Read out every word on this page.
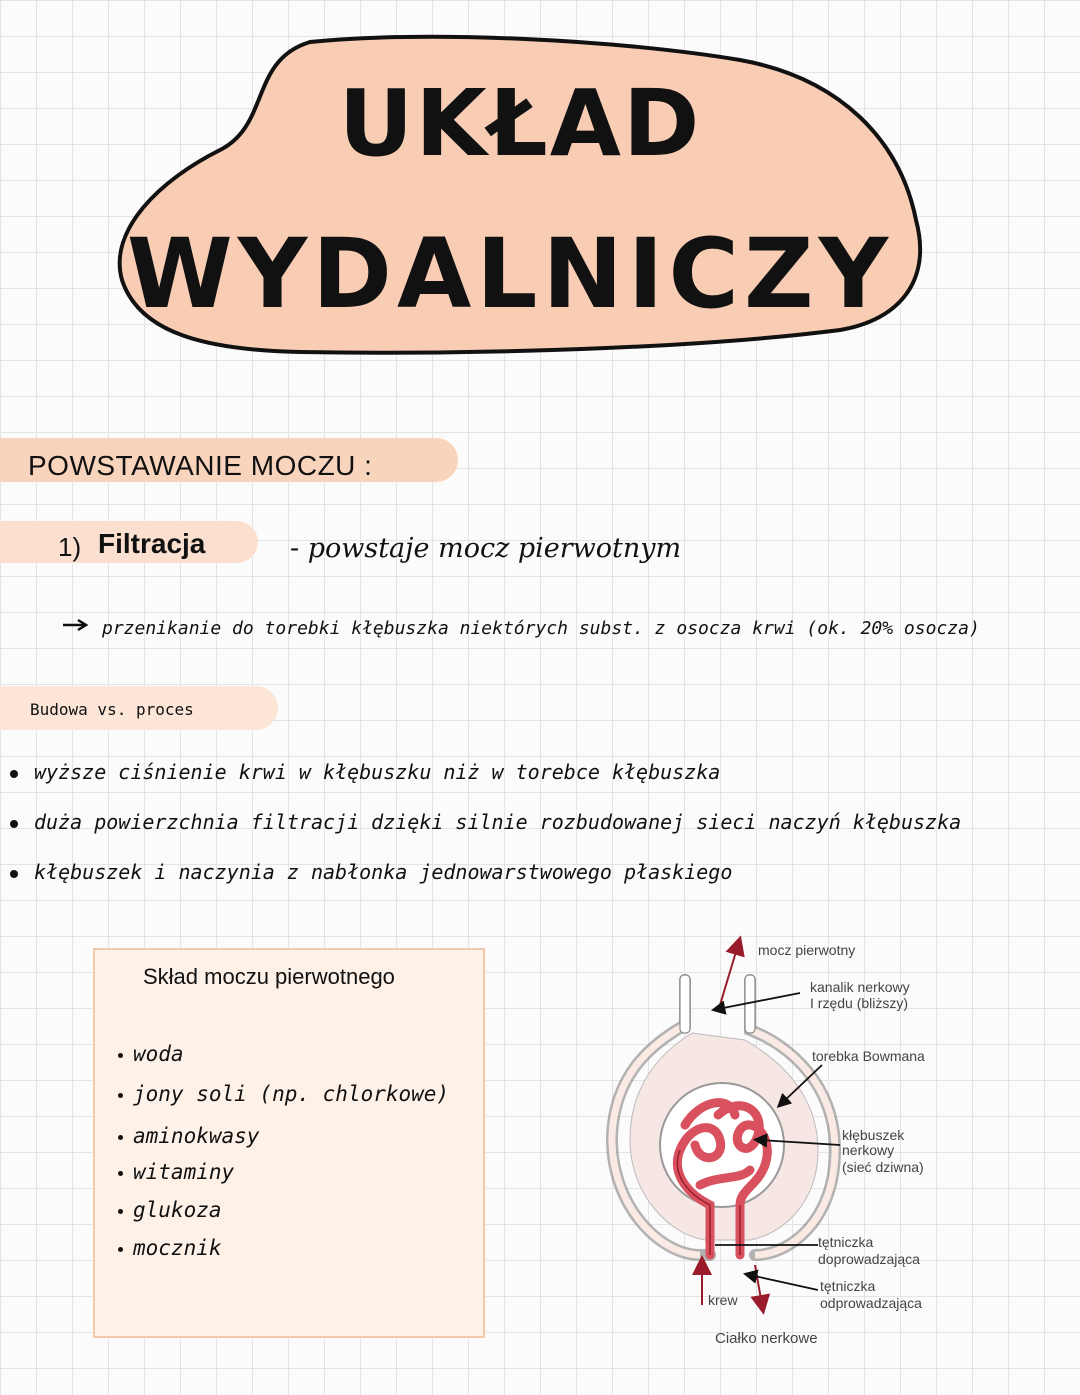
UKŁAD
WYDALNICZY
POWSTAWANIE MOCZU :
1) Filtracja	- powstaje mocz pierwotnym
przenikanie do torebki kłębuszka niektórych subst. z osocza krwi (ok. 20% osocza)
Budowa vs. proces
wyższe ciśnienie krwi w kłębuszku niż w torebce kłębuszka
duża powierzchnia filtracji dzięki silnie rozbudowanej sieci naczyń kłębuszka
kłębuszek i naczynia z nabłonka jednowarstwowego płaskiego
Skład moczu pierwotnego
woda
jony soli (np. chlorkowe)
aminokwasy
witaminy
glukoza
mocznik
mocz pierwotny
kanalik nerkowy
I rzędu (bliższy)
torebka Bowmana
kłębuszek
nerkowy
(sieć dziwna)
tętniczka
doprowadzająca
tętniczka
odprowadzająca
krew
Ciałko nerkowe
